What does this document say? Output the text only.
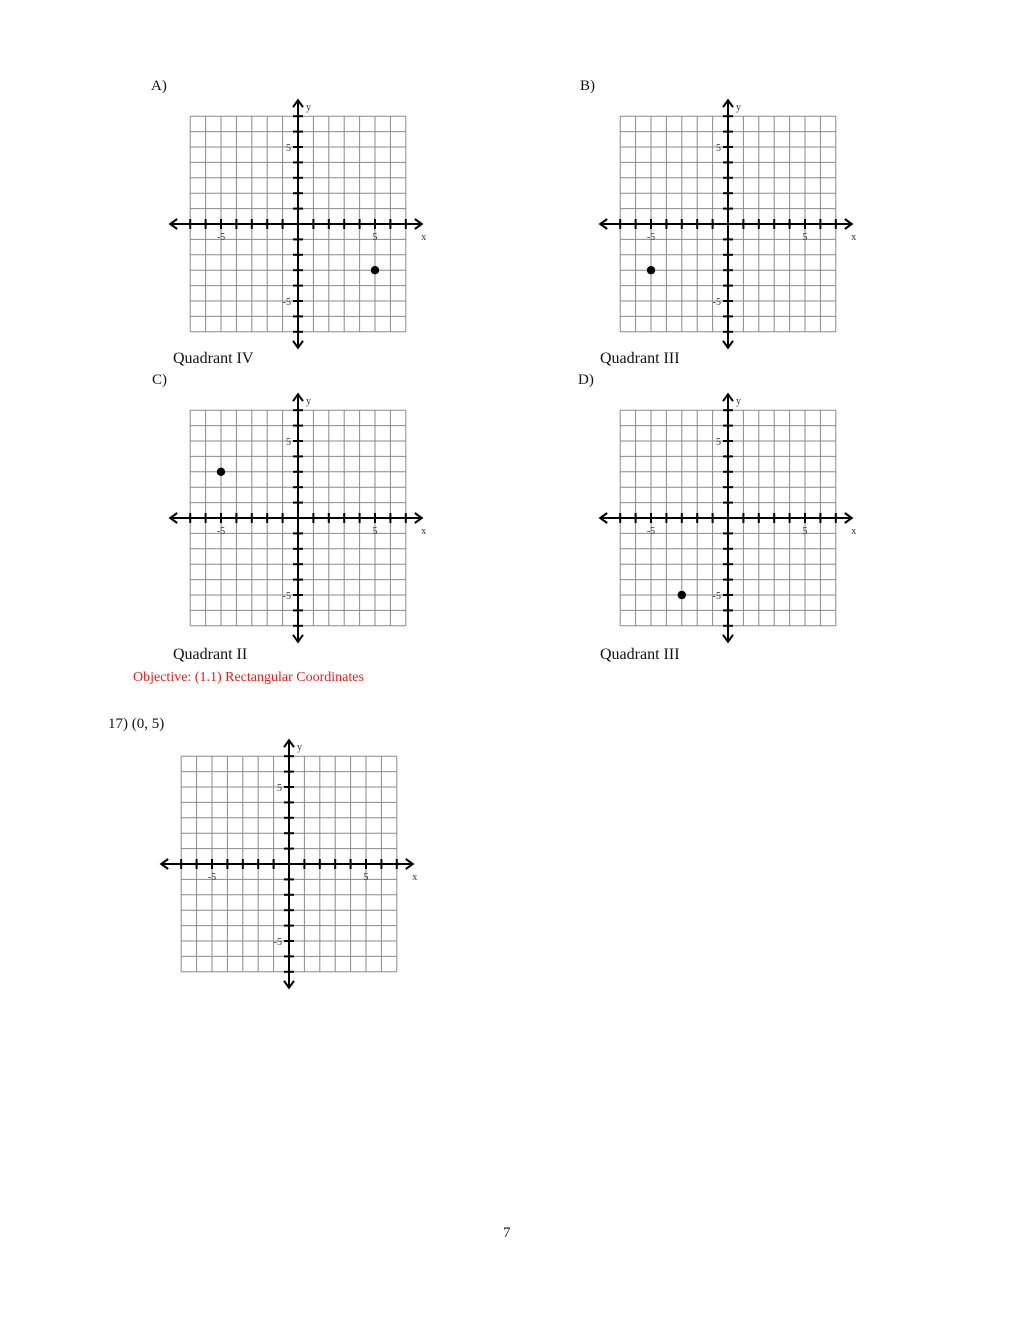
A)
-5	5
5
-5
x
y
Quadrant IV
B)
-5	5
5
-5
x
y
Quadrant III
C)
-5	5
5
-5
x
y
Quadrant II
D)
-5	5
5
-5
x
y
Quadrant III
Objective: (1.1) Rectangular Coordinates
17) (0, 5)
-5	5
5
-5
x
y
7
